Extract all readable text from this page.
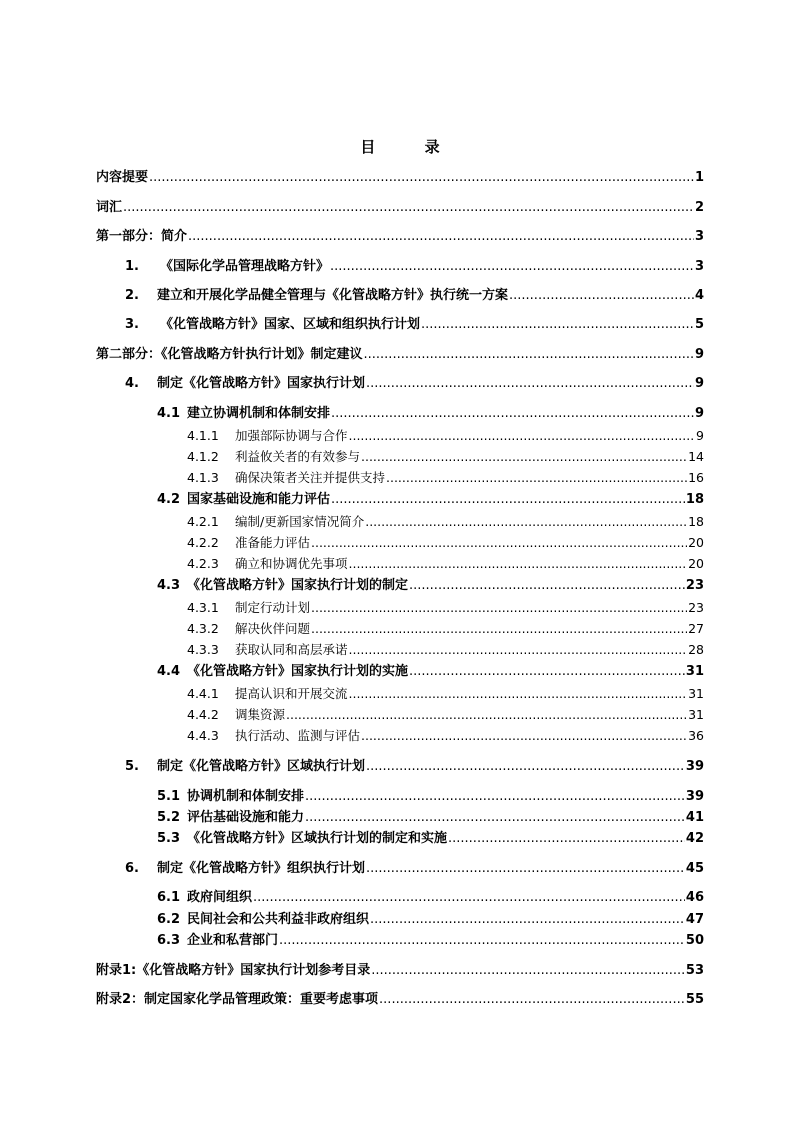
目 录
内容提要 .....	1
词汇 .....	2
第一部分：简介 .....	3
1.	《国际化学品管理战略方针》 .....	3
2.	建立和开展化学品健全管理与《化管战略方针》执行统一方案 .....	4
3.	《化管战略方针》国家、区域和组织执行计划 .....	5
第二部分：《化管战略方针执行计划》制定建议 .....	9
4.	制定《化管战略方针》国家执行计划 .....	9
4.1 建立协调机制和体制安排 .....	9
4.1.1	加强部际协调与合作 .....	9
4.1.2	利益攸关者的有效参与 .....	14
4.1.3	确保决策者关注并提供支持 .....	16
4.2 国家基础设施和能力评估 .....	18
4.2.1	编制/更新国家情况简介 .....	18
4.2.2	准备能力评估 .....	20
4.2.3	确立和协调优先事项 .....	20
4.3 《化管战略方针》国家执行计划的制定 .....	23
4.3.1	制定行动计划 .....	23
4.3.2	解决伙伴问题 .....	27
4.3.3	获取认同和高层承诺 .....	28
4.4 《化管战略方针》国家执行计划的实施 .....	31
4.4.1	提高认识和开展交流 .....	31
4.4.2	调集资源 .....	31
4.4.3	执行活动、监测与评估 .....	36
5.	制定《化管战略方针》区域执行计划 .....	39
5.1 协调机制和体制安排 .....	39
5.2 评估基础设施和能力 .....	41
5.3 《化管战略方针》区域执行计划的制定和实施 .....	42
6.	制定《化管战略方针》组织执行计划 .....	45
6.1 政府间组织 .....	46
6.2 民间社会和公共利益非政府组织 .....	47
6.3 企业和私营部门 .....	50
附录1:《化管战略方针》国家执行计划参考目录 .....	53
附录2：制定国家化学品管理政策：重要考虑事项 .....	55
